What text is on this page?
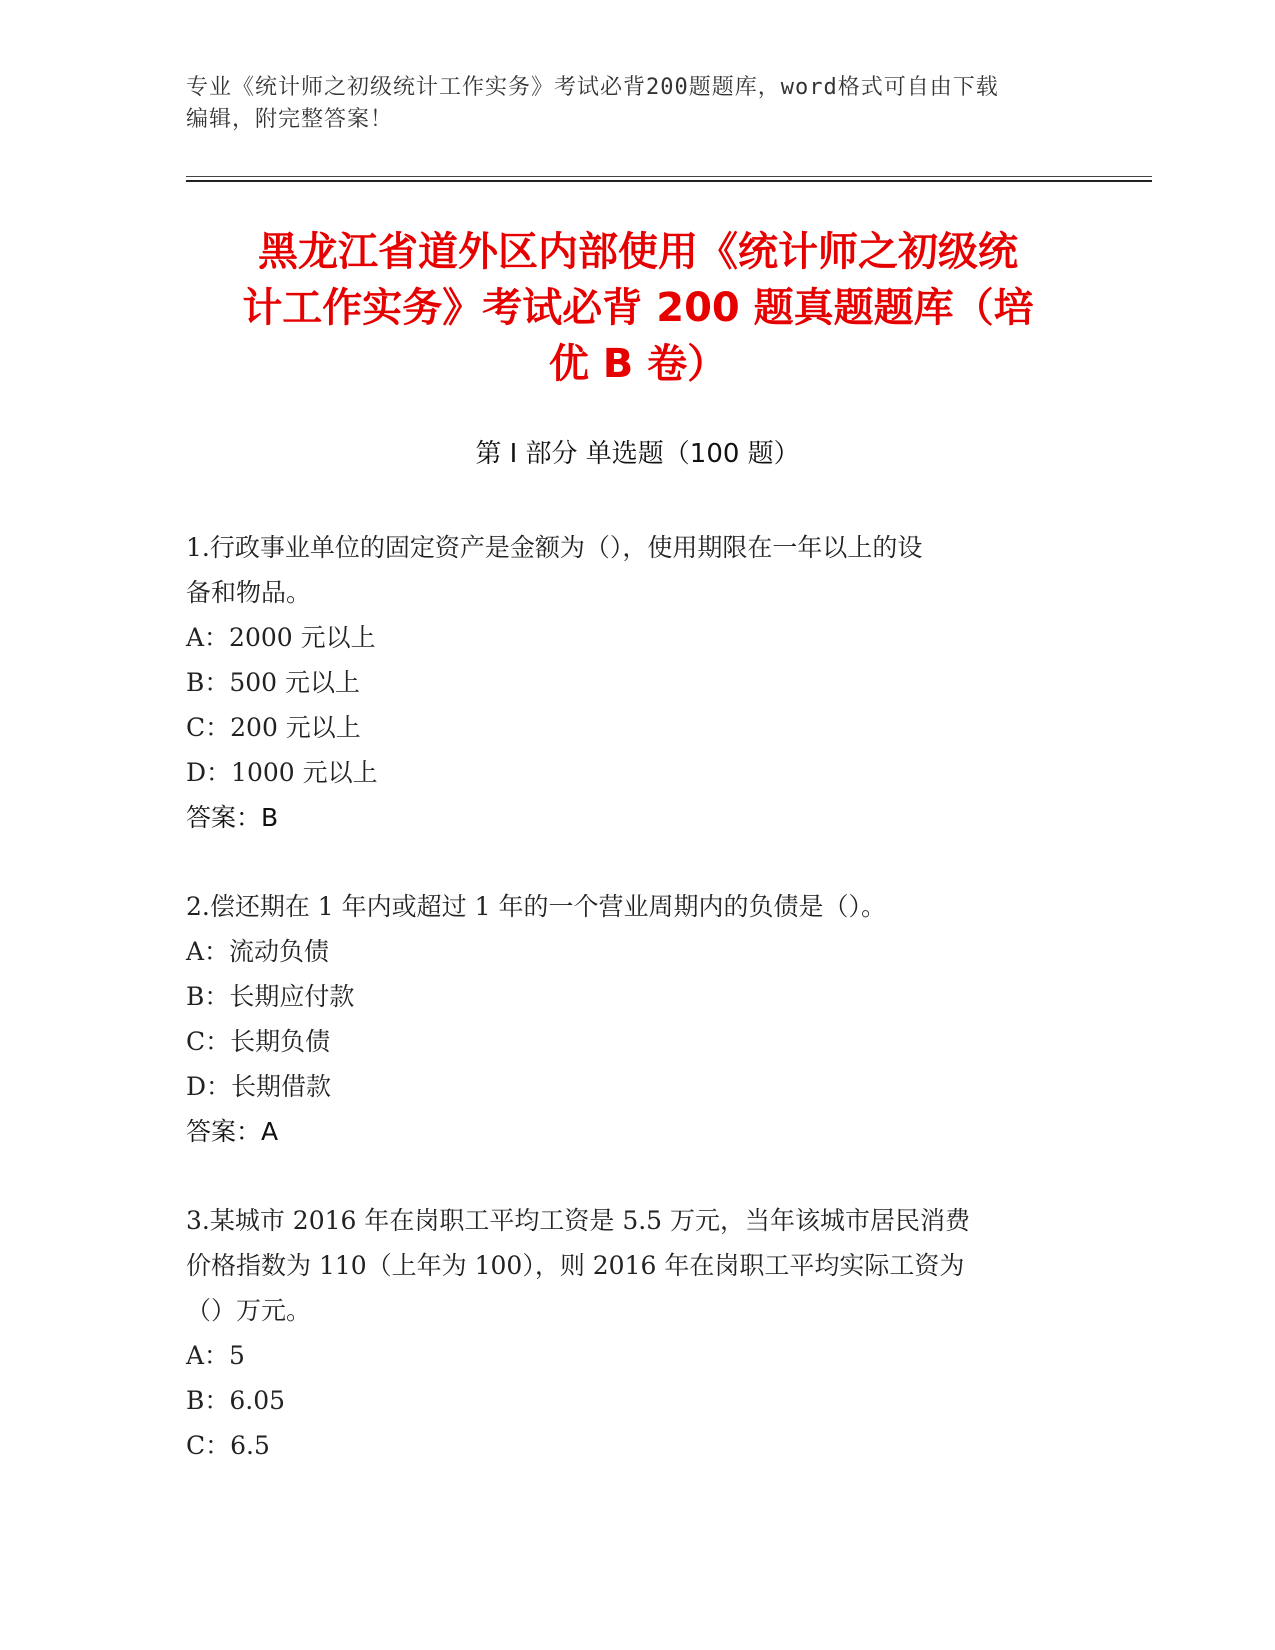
专业《统计师之初级统计工作实务》考试必背200题题库，word格式可自由下载
编辑，附完整答案！
黑龙江省道外区内部使用《统计师之初级统
计工作实务》考试必背 200 题真题题库（培
优 B 卷）
第 I 部分 单选题（100 题）
1.行政事业单位的固定资产是金额为（），使用期限在一年以上的设
备和物品。
A：2000 元以上
B：500 元以上
C：200 元以上
D：1000 元以上
答案：B
2.偿还期在 1 年内或超过 1 年的一个营业周期内的负债是（）。
A：流动负债
B：长期应付款
C：长期负债
D：长期借款
答案：A
3.某城市 2016 年在岗职工平均工资是 5.5 万元，当年该城市居民消费
价格指数为 110（上年为 100），则 2016 年在岗职工平均实际工资为
（）万元。
A：5
B：6.05
C：6.5
